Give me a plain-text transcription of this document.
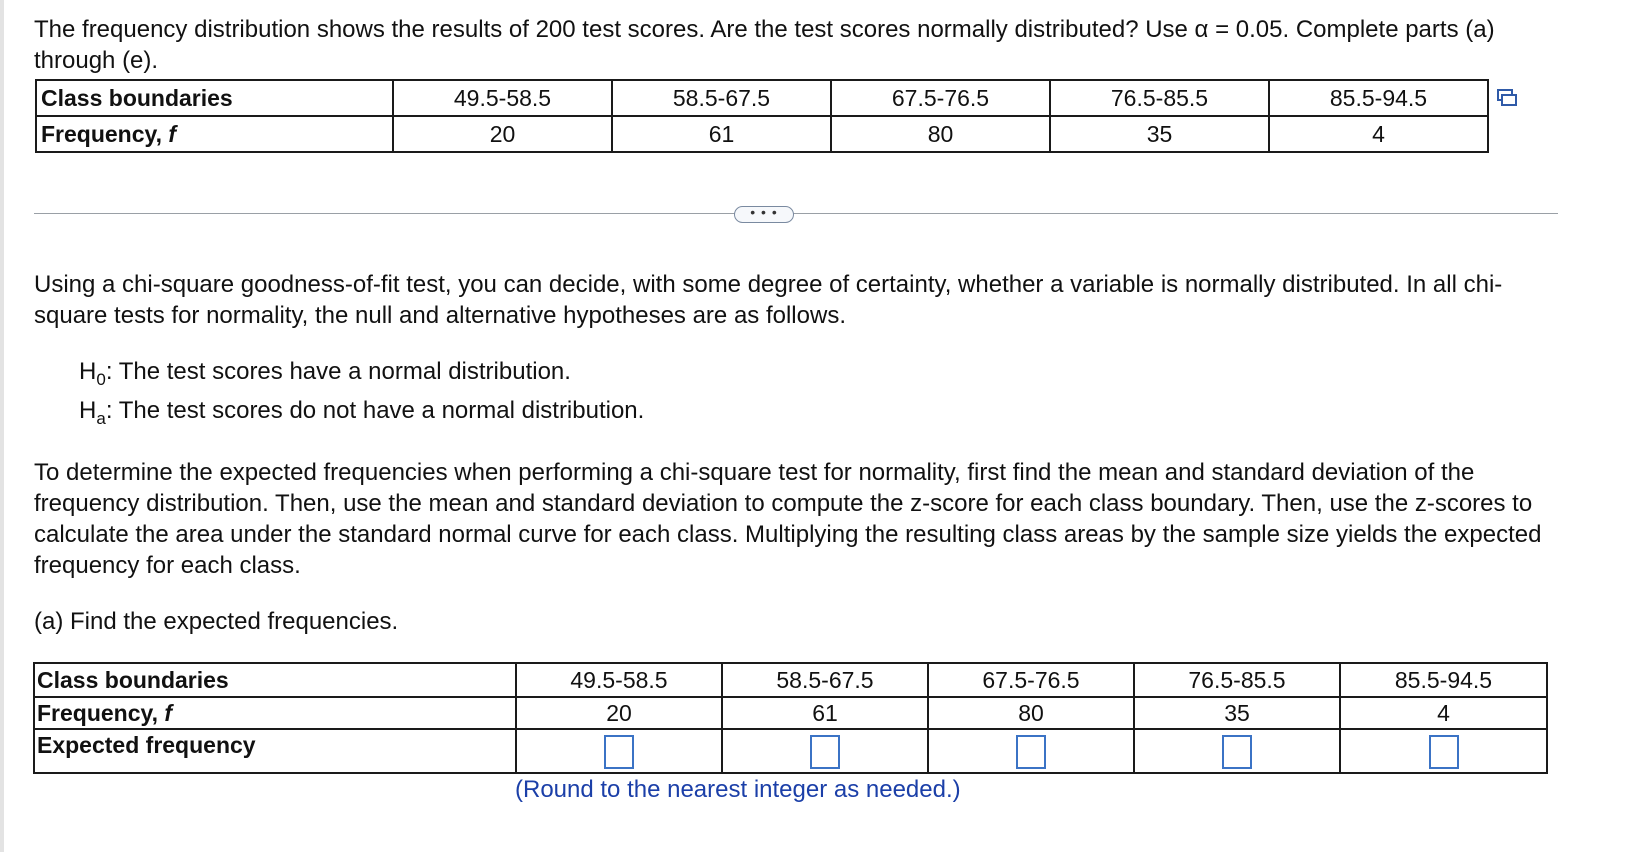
The frequency distribution shows the results of 200 test scores. Are the test scores normally distributed? Use α = 0.05. Complete parts (a) through (e).
Class boundaries	49.5-58.5	58.5-67.5	67.5-76.5	76.5-85.5	85.5-94.5
Frequency, f	20	61	80	35	4
• • •
Using a chi-square goodness-of-fit test, you can decide, with some degree of certainty, whether a variable is normally distributed. In all chi-square tests for normality, the null and alternative hypotheses are as follows.
$H_0$: The test scores have a normal distribution.
$H_a$: The test scores do not have a normal distribution.
To determine the expected frequencies when performing a chi-square test for normality, first find the mean and standard deviation of the frequency distribution. Then, use the mean and standard deviation to compute the z-score for each class boundary. Then, use the z-scores to calculate the area under the standard normal curve for each class. Multiplying the resulting class areas by the sample size yields the expected frequency for each class.
(a) Find the expected frequencies.
Class boundaries	49.5-58.5	58.5-67.5	67.5-76.5	76.5-85.5	85.5-94.5
Frequency, f	20	61	80	35	4
Expected frequency					
(Round to the nearest integer as needed.)
